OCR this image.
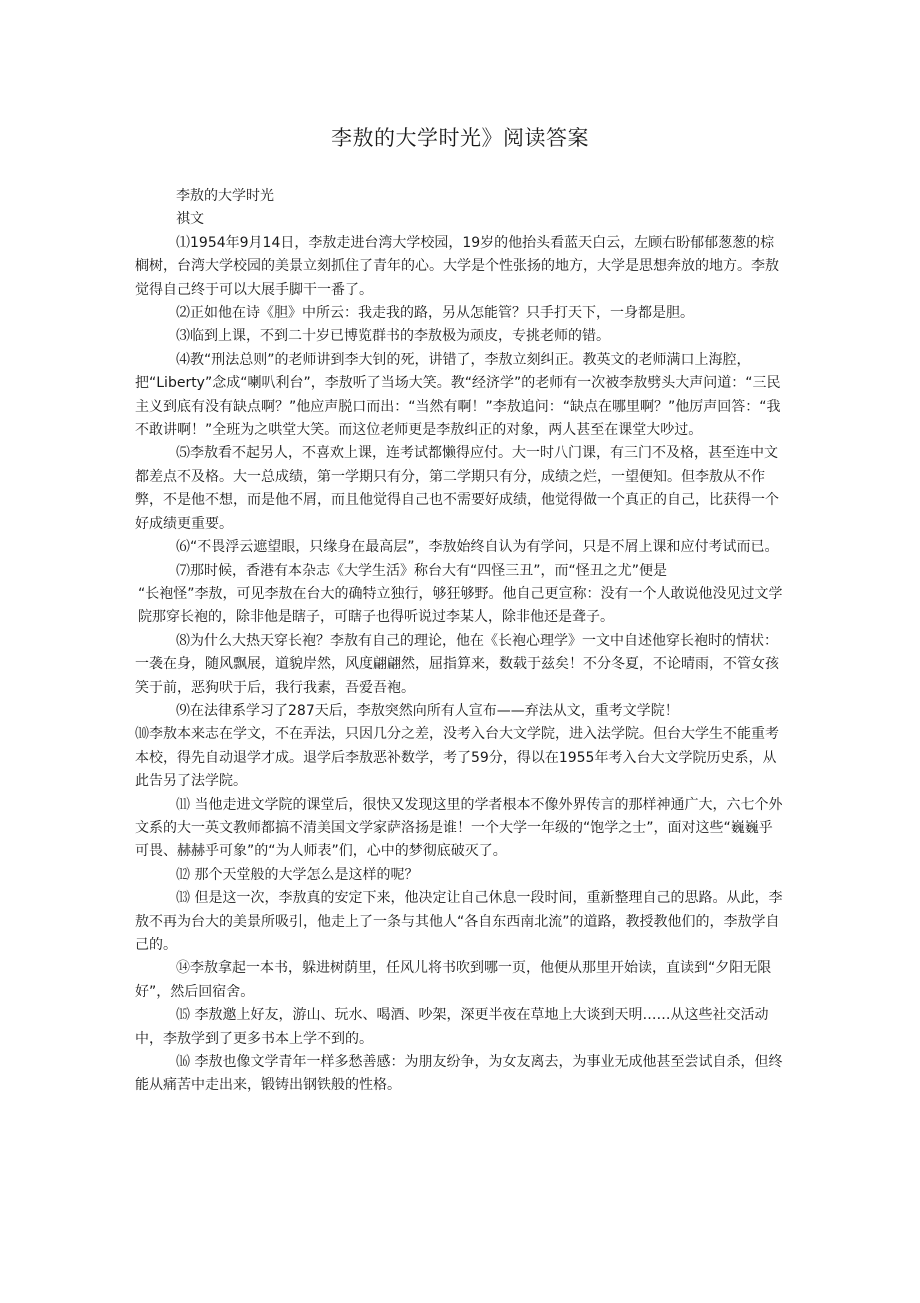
李敖的大学时光》阅读答案

李敖的大学时光

祺文

⑴1954年9月14日，李敖走进台湾大学校园，19岁的他抬头看蓝天白云，左顾右盼郁郁葱葱的棕榈树，台湾大学校园的美景立刻抓住了青年的心。大学是个性张扬的地方，大学是思想奔放的地方。李敖觉得自己终于可以大展手脚干一番了。

⑵正如他在诗《胆》中所云：我走我的路，另从怎能管？只手打天下，一身都是胆。

⑶临到上课，不到二十岁已博览群书的李敖极为顽皮，专挑老师的错。

⑷教“刑法总则”的老师讲到李大钊的死，讲错了，李敖立刻纠正。教英文的老师满口上海腔，把“Liberty”念成“喇叭利台”，李敖听了当场大笑。教“经济学”的老师有一次被李敖劈头大声问道：“三民主义到底有没有缺点啊？”他应声脱口而出：“当然有啊！”李敖追问：“缺点在哪里啊？”他厉声回答：“我不敢讲啊！”全班为之哄堂大笑。而这位老师更是李敖纠正的对象，两人甚至在课堂大吵过。

⑸李敖看不起另人，不喜欢上课，连考试都懒得应付。大一时八门课，有三门不及格，甚至连中文都差点不及格。大一总成绩，第一学期只有分，第二学期只有分，成绩之烂，一望便知。但李敖从不作弊，不是他不想，而是他不屑，而且他觉得自己也不需要好成绩，他觉得做一个真正的自己，比获得一个好成绩更重要。

⑹“不畏浮云遮望眼，只缘身在最高层”，李敖始终自认为有学问，只是不屑上课和应付考试而已。

⑺那时候，香港有本杂志《大学生活》称台大有“四怪三丑”，而“怪丑之尤”便是

“长袍怪”李敖，可见李敖在台大的确特立独行，够狂够野。他自己更宣称：没有一个人敢说他没见过文学院那穿长袍的，除非他是瞎子，可瞎子也得听说过李某人，除非他还是聋子。

⑻为什么大热天穿长袍？李敖有自己的理论，他在《长袍心理学》一文中自述他穿长袍时的情状：一袭在身，随风飘展，道貌岸然，风度翩翩然，屈指算来，数载于兹矣！不分冬夏，不论晴雨，不管女孩笑于前，恶狗吠于后，我行我素，吾爱吾袍。

⑼在法律系学习了287天后，李敖突然向所有人宣布——弃法从文，重考文学院！

⑽李敖本来志在学文，不在弄法，只因几分之差，没考入台大文学院，进入法学院。但台大学生不能重考本校，得先自动退学才成。退学后李敖恶补数学，考了59分，得以在1955年考入台大文学院历史系，从此告另了法学院。

⑾ 当他走进文学院的课堂后，很快又发现这里的学者根本不像外界传言的那样神通广大，六七个外文系的大一英文教师都搞不清美国文学家萨洛扬是谁！一个大学一年级的“饱学之士”，面对这些“巍巍乎可畏、赫赫乎可象”的“为人师表”们，心中的梦彻底破灭了。

⑿ 那个天堂般的大学怎么是这样的呢？

⒀ 但是这一次，李敖真的安定下来，他决定让自己休息一段时间，重新整理自己的思路。从此，李敖不再为台大的美景所吸引，他走上了一条与其他人“各自东西南北流”的道路，教授教他们的，李敖学自己的。

⑭李敖拿起一本书，躲进树荫里，任风儿将书吹到哪一页，他便从那里开始读，直读到“夕阳无限好”，然后回宿舍。

⒂ 李敖邀上好友，游山、玩水、喝酒、吵架，深更半夜在草地上大谈到天明……从这些社交活动中，李敖学到了更多书本上学不到的。

⒃ 李敖也像文学青年一样多愁善感：为朋友纷争，为女友离去，为事业无成他甚至尝试自杀，但终能从痛苦中走出来，锻铸出钢铁般的性格。
